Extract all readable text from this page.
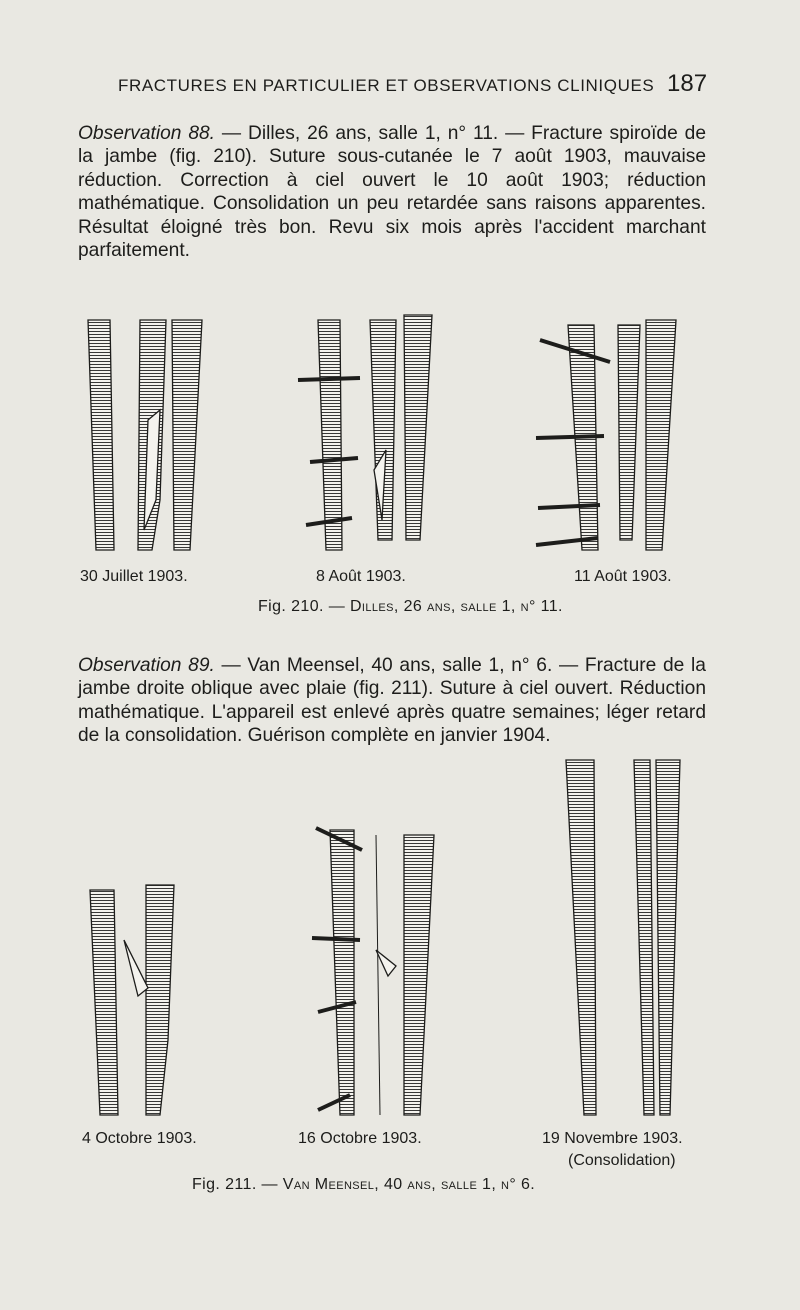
FRACTURES EN PARTICULIER ET OBSERVATIONS CLINIQUES 187
Observation 88. — Dilles, 26 ans, salle 1, n° 11. — Fracture spiroïde de la jambe (fig. 210). Suture sous-cutanée le 7 août 1903, mauvaise réduction. Correction à ciel ouvert le 10 août 1903; réduction mathématique. Consolidation un peu retardée sans raisons apparentes. Résultat éloigné très bon. Revu six mois après l'accident marchant parfaitement.
30 Juillet 1903.	8 Août 1903.	11 Août 1903.
Fig. 210. — Dilles, 26 ans, salle 1, n° 11.
Observation 89. — Van Meensel, 40 ans, salle 1, n° 6. — Fracture de la jambe droite oblique avec plaie (fig. 211). Suture à ciel ouvert. Réduction mathématique. L'appareil est enlevé après quatre semaines; léger retard de la consolidation. Guérison complète en janvier 1904.
4 Octobre 1903.	16 Octobre 1903.	19 Novembre 1903.
(Consolidation)
Fig. 211. — Van Meensel, 40 ans, salle 1, n° 6.
